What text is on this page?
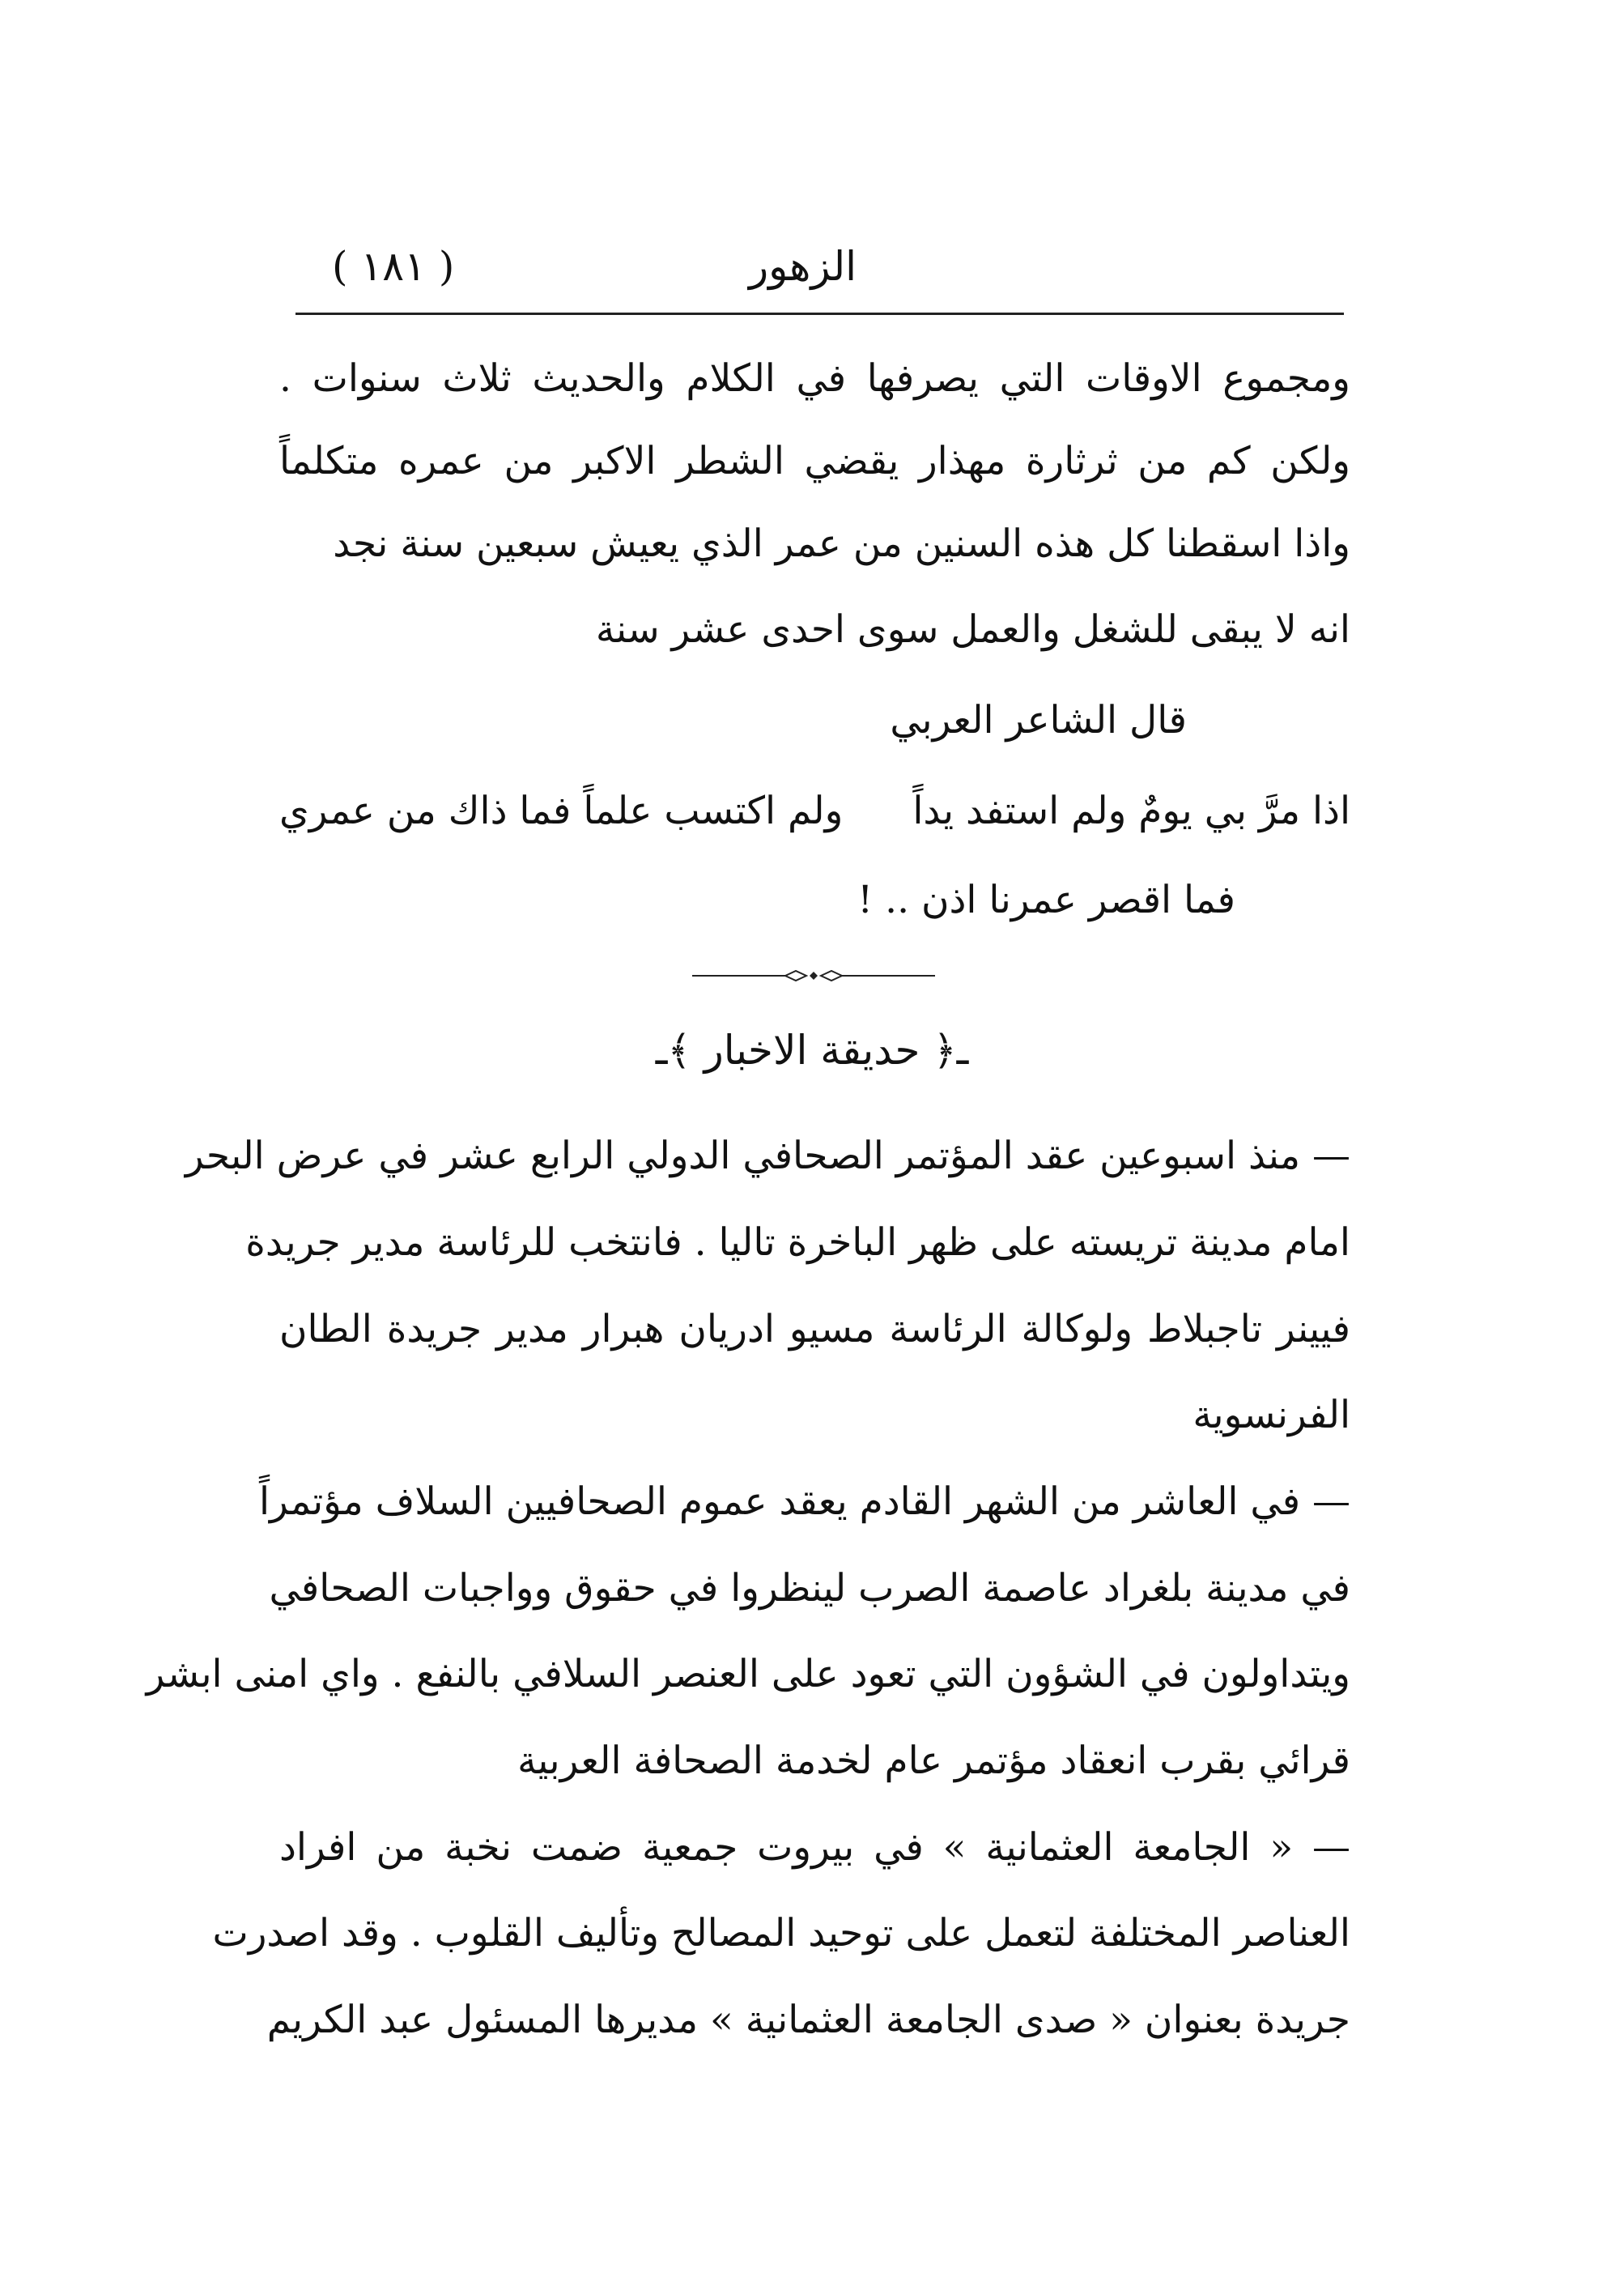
( ١٨١ )	الزهور
ومجموع الاوقات التي يصرفها في الكلام والحديث ثلاث سنوات .
ولكن كم من ثرثارة مهذار يقضي الشطر الاكبر من عمره متكلماً
واذا اسقطنا كل هذه السنين من عمر الذي يعيش سبعين سنة نجد
انه لا يبقى للشغل والعمل سوى احدى عشر سنة
قال الشاعر العربي
اذا مرَّ بي يومٌ ولم استفد يداً
ولم اكتسب علماً فما ذاك من عمري
فما اقصر عمرنا اذن .. !
ـ﴿ حديقة الاخبار ﴾ـ
— منذ اسبوعين عقد المؤتمر الصحافي الدولي الرابع عشر في عرض البحر
امام مدينة تريسته على ظهر الباخرة تاليا . فانتخب للرئاسة مدير جريدة
فيينر تاجبلاط ولوكالة الرئاسة مسيو ادريان هبرار مدير جريدة الطان
الفرنسوية
— في العاشر من الشهر القادم يعقد عموم الصحافيين السلاف مؤتمراً
في مدينة بلغراد عاصمة الصرب لينظروا في حقوق وواجبات الصحافي
ويتداولون في الشؤون التي تعود على العنصر السلافي بالنفع . واي امنى ابشر
قرائي بقرب انعقاد مؤتمر عام لخدمة الصحافة العربية
— « الجامعة العثمانية » في بيروت جمعية ضمت نخبة من افراد
العناصر المختلفة لتعمل على توحيد المصالح وتأليف القلوب . وقد اصدرت
جريدة بعنوان « صدى الجامعة العثمانية » مديرها المسئول عبد الكريم
